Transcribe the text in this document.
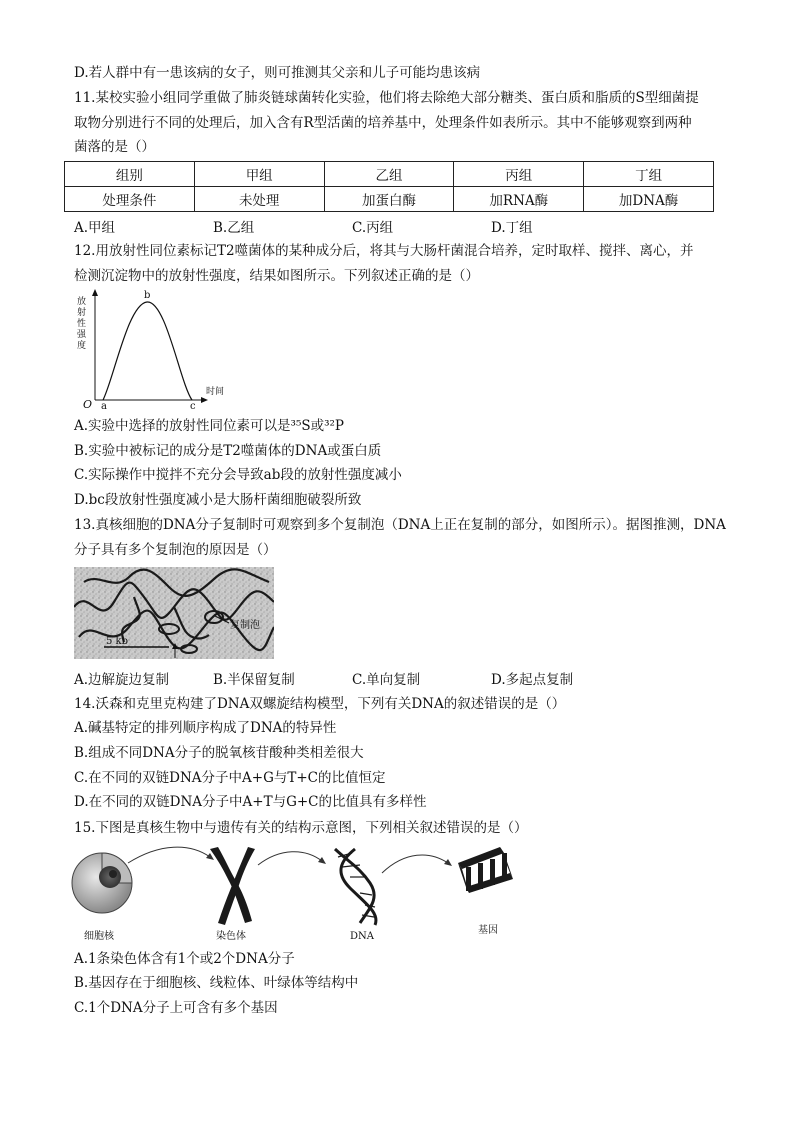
D.若人群中有一患该病的女子，则可推测其父亲和儿子可能均患该病
11.某校实验小组同学重做了肺炎链球菌转化实验，他们将去除绝大部分糖类、蛋白质和脂质的S型细菌提
取物分别进行不同的处理后，加入含有R型活菌的培养基中，处理条件如表所示。其中不能够观察到两种
菌落的是（）
组别	甲组	乙组	丙组	丁组
处理条件	未处理	加蛋白酶	加RNA酶	加DNA酶
A.甲组	B.乙组	C.丙组	D.丁组
12.用放射性同位素标记T2噬菌体的某种成分后，将其与大肠杆菌混合培养，定时取样、搅拌、离心，并
检测沉淀物中的放射性强度，结果如图所示。下列叙述正确的是（）
放
射
性
强
度
时间
O
b
a	c
A.实验中选择的放射性同位素可以是³⁵S或³²P
B.实验中被标记的成分是T2噬菌体的DNA或蛋白质
C.实际操作中搅拌不充分会导致ab段的放射性强度减小
D.bc段放射性强度减小是大肠杆菌细胞破裂所致
13.真核细胞的DNA分子复制时可观察到多个复制泡（DNA上正在复制的部分，如图所示）。据图推测，DNA
分子具有多个复制泡的原因是（）
5 kb
复制泡
A.边解旋边复制	B.半保留复制	C.单向复制	D.多起点复制
14.沃森和克里克构建了DNA双螺旋结构模型，下列有关DNA的叙述错误的是（）
A.碱基特定的排列顺序构成了DNA的特异性
B.组成不同DNA分子的脱氧核苷酸种类相差很大
C.在不同的双链DNA分子中A+G与T+C的比值恒定
D.在不同的双链DNA分子中A+T与G+C的比值具有多样性
15.下图是真核生物中与遗传有关的结构示意图，下列相关叙述错误的是（）
细胞核	染色体	DNA
基因
A.1条染色体含有1个或2个DNA分子
B.基因存在于细胞核、线粒体、叶绿体等结构中
C.1个DNA分子上可含有多个基因
